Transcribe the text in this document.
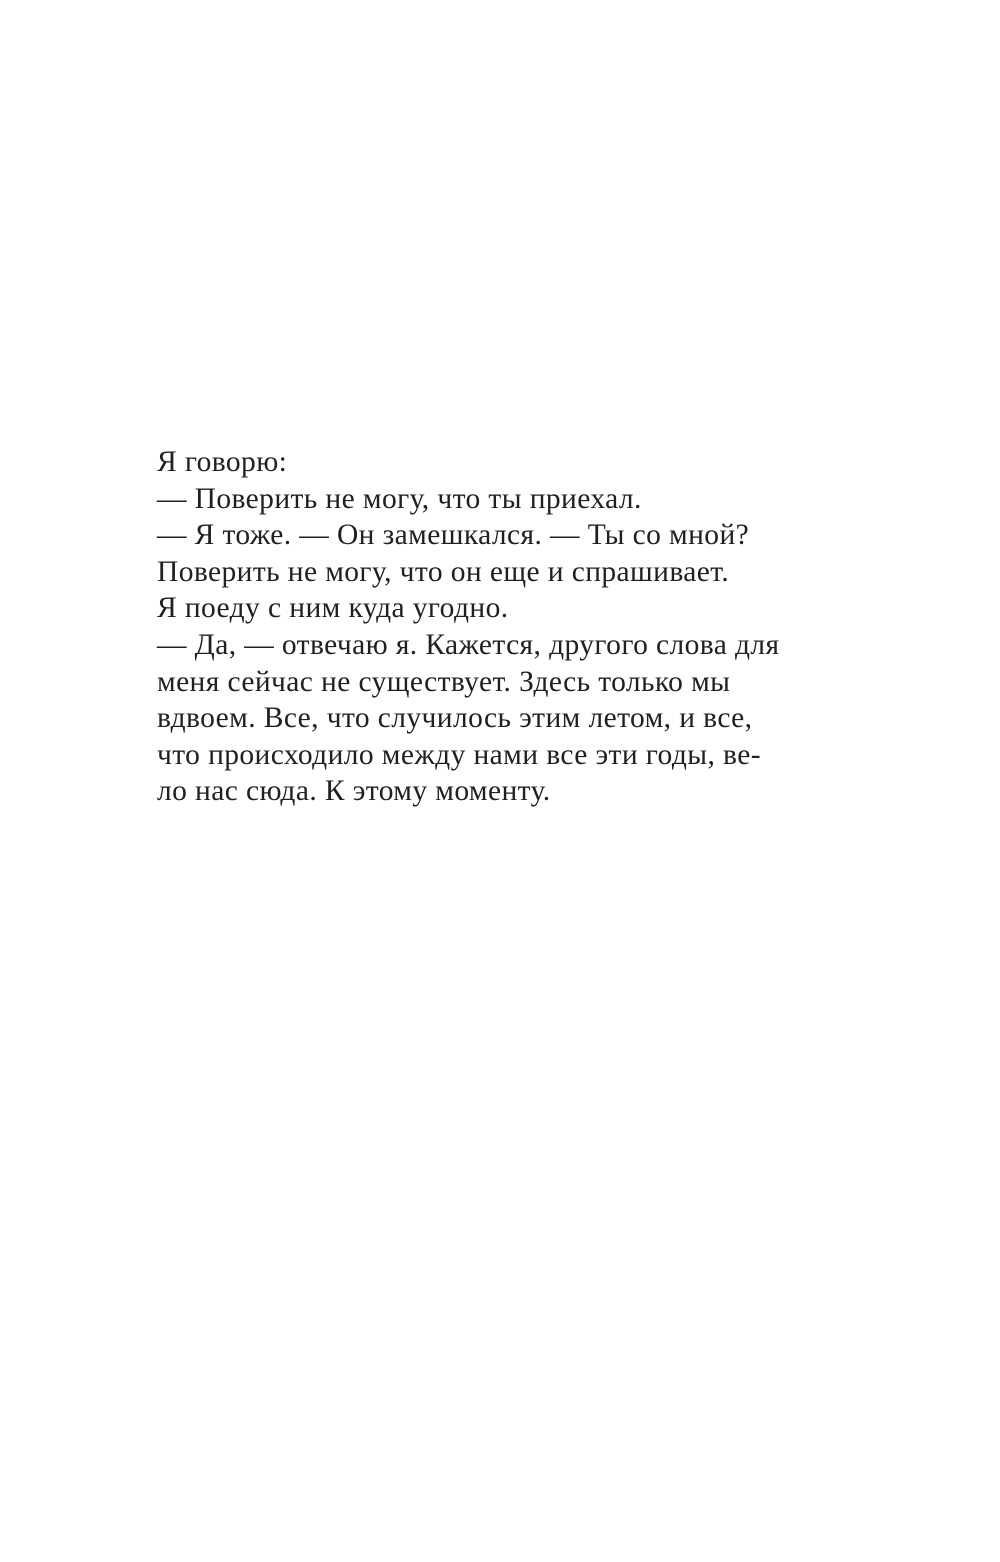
Я говорю:
— Поверить не могу, что ты приехал.
— Я тоже. — Он замешкался. — Ты со мной?
Поверить не могу, что он еще и спрашивает.
Я поеду с ним куда угодно.
— Да, — отвечаю я. Кажется, другого слова для
меня сейчас не существует. Здесь только мы
вдвоем. Все, что случилось этим летом, и все,
что происходило между нами все эти годы, ве-
ло нас сюда. К этому моменту.
